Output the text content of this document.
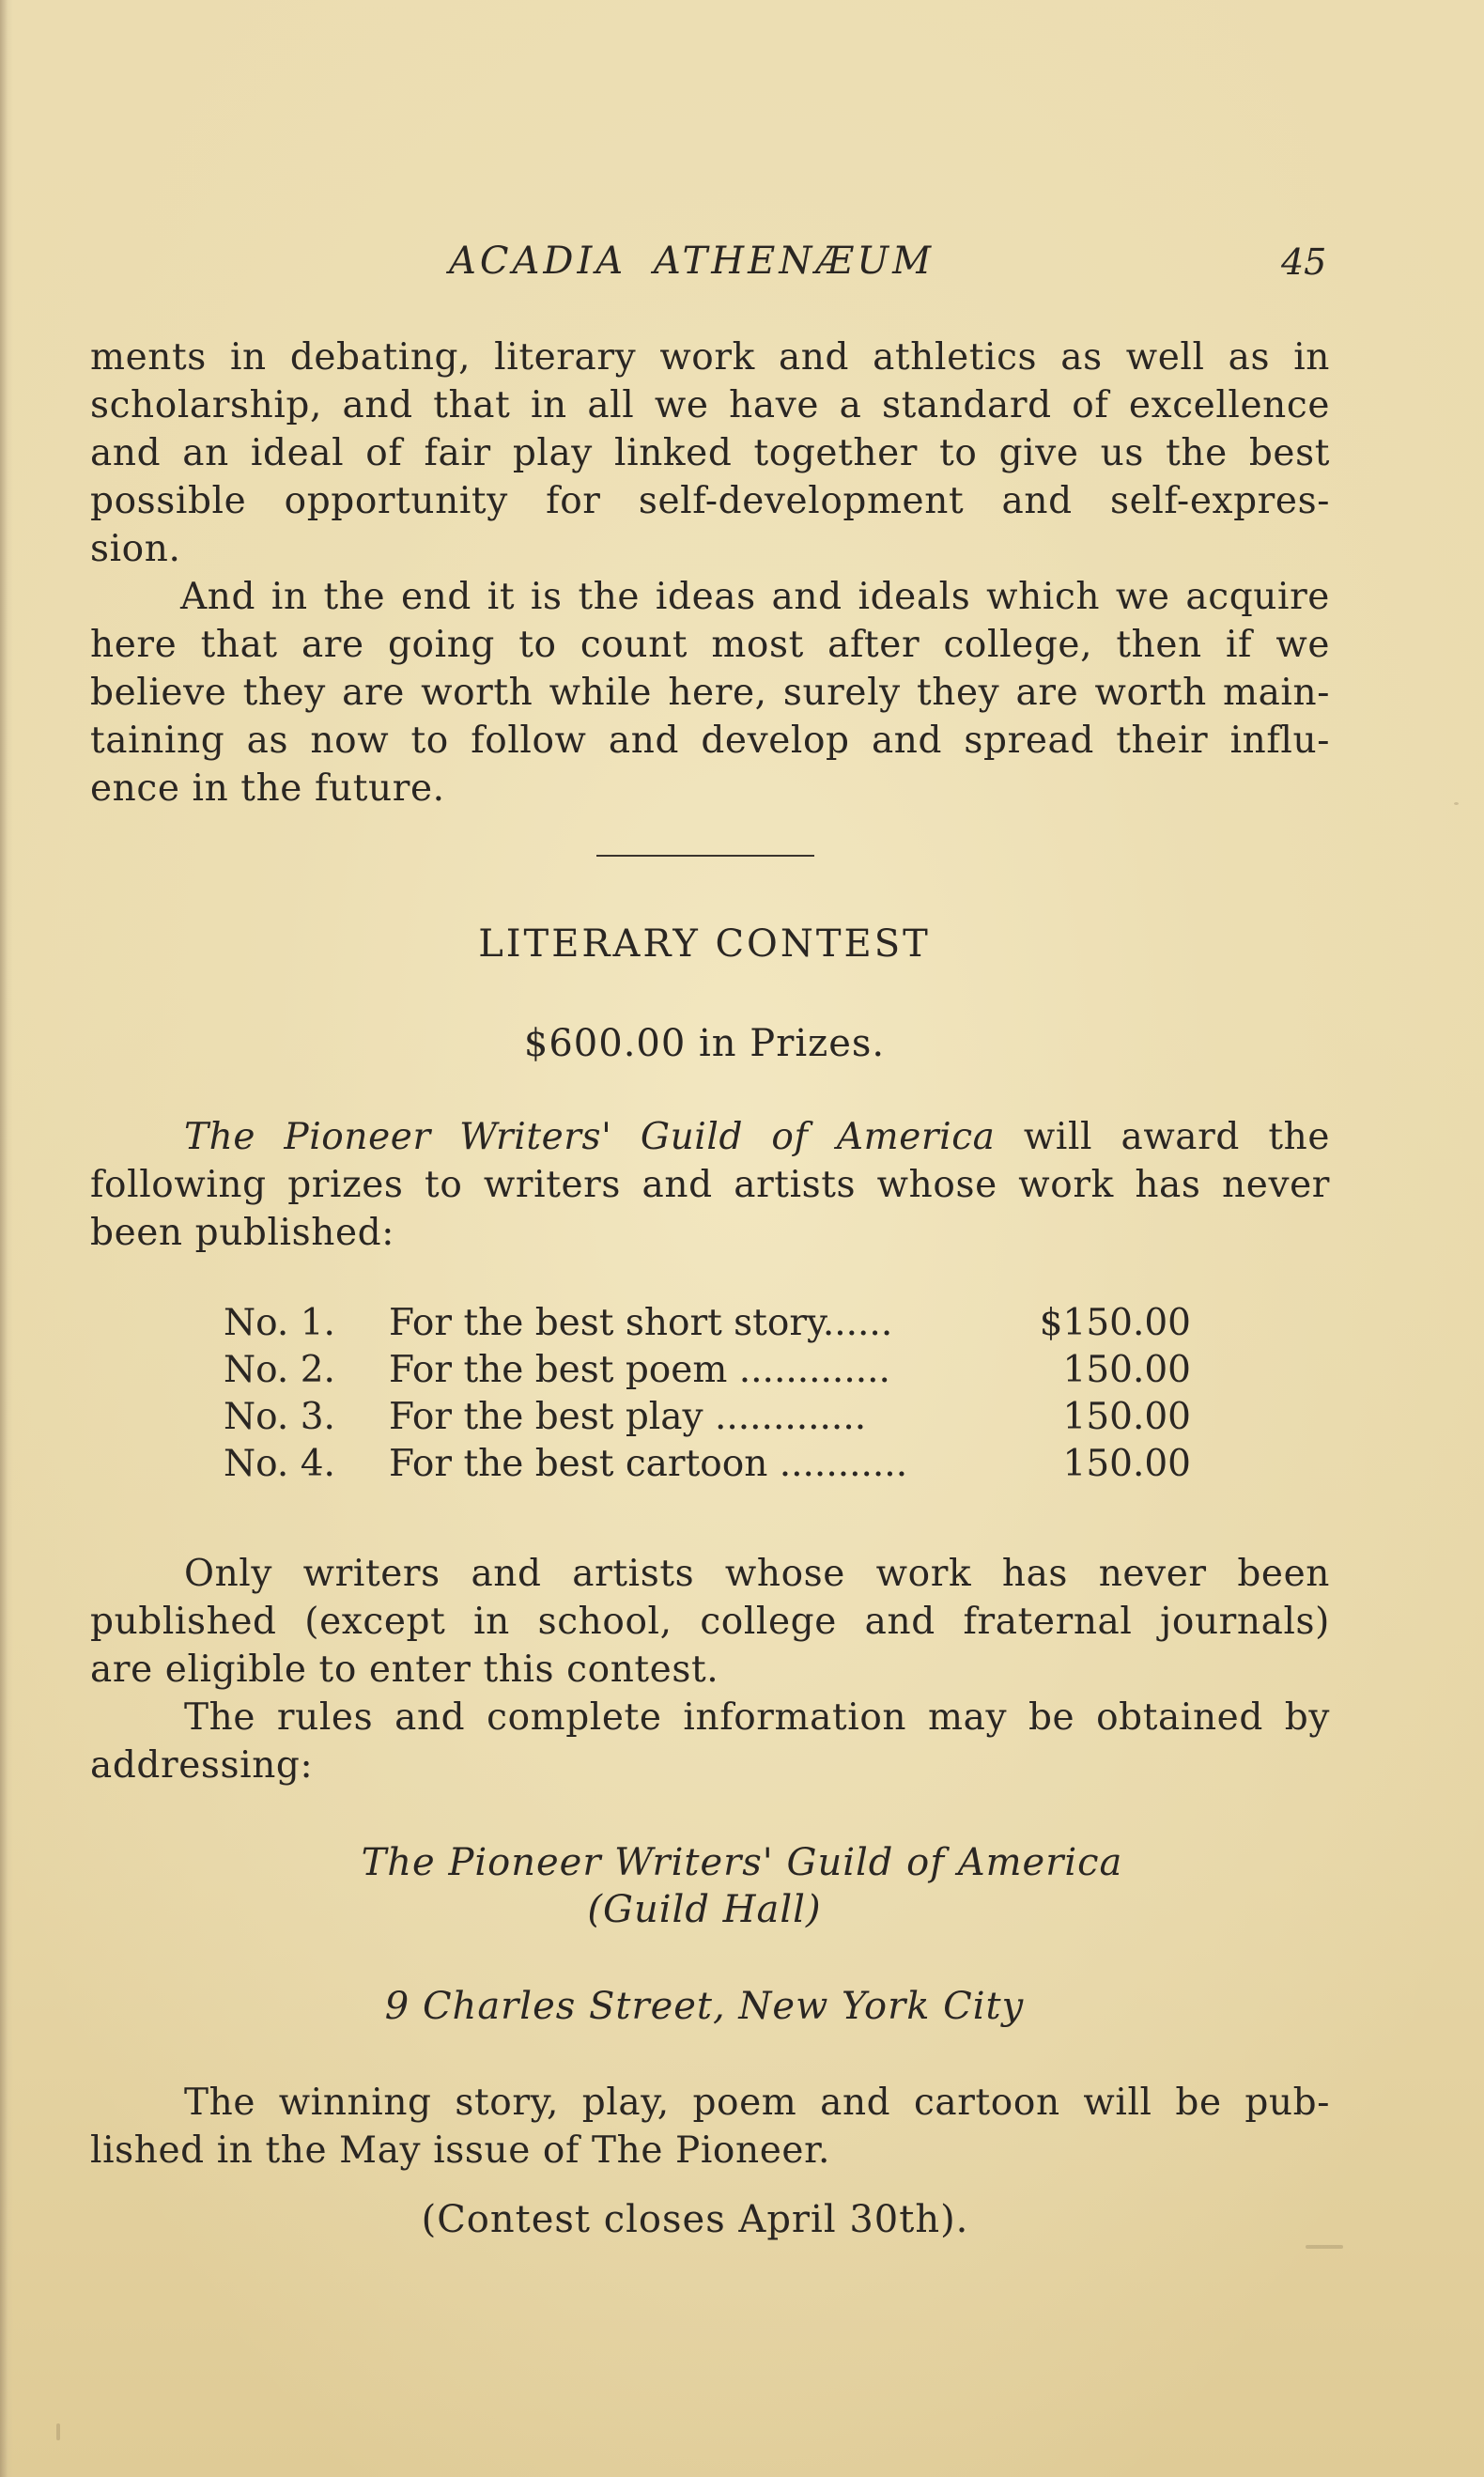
ACADIA ATHENÆUM	45
ments in debating, literary work and athletics as well as in
scholarship, and that in all we have a standard of excellence
and an ideal of fair play linked together to give us the best
possible opportunity for self-development and self-expres-
sion.
And in the end it is the ideas and ideals which we acquire
here that are going to count most after college, then if we
believe they are worth while here, surely they are worth main-
taining as now to follow and develop and spread their influ-
ence in the future.
LITERARY CONTEST
$600.00 in Prizes.
The Pioneer Writers' Guild of America will award the
following prizes to writers and artists whose work has never
been published:
No. 1. For the best short story......	$150.00
No. 2. For the best poem .............	150.00
No. 3. For the best play .............	150.00
No. 4. For the best cartoon ...........	150.00
Only writers and artists whose work has never been
published (except in school, college and fraternal journals)
are eligible to enter this contest.
The rules and complete information may be obtained by
addressing:
The Pioneer Writers' Guild of America
(Guild Hall)
9 Charles Street, New York City
The winning story, play, poem and cartoon will be pub-
lished in the May issue of The Pioneer.
(Contest closes April 30th).
